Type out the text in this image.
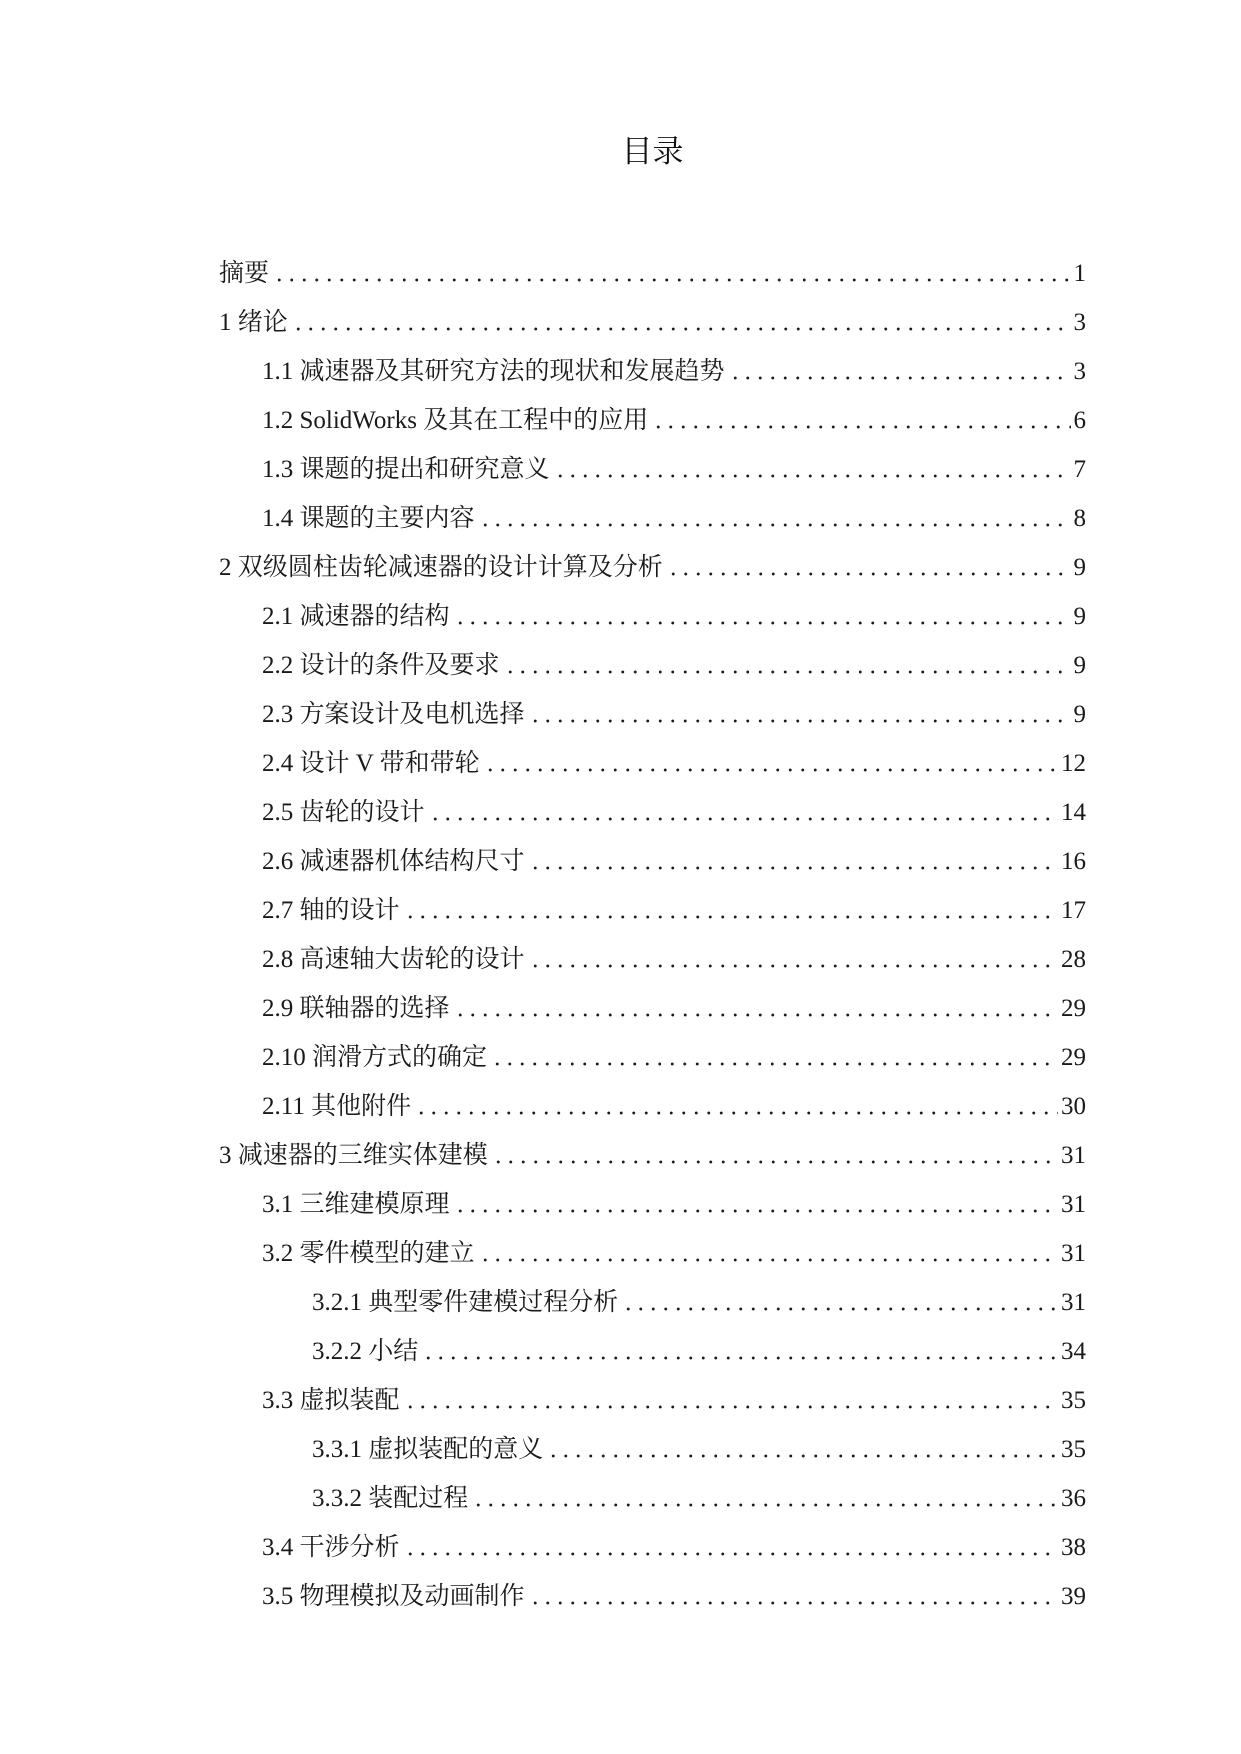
目录
摘要	1
1 绪论	3
1.1 减速器及其研究方法的现状和发展趋势	3
1.2 SolidWorks 及其在工程中的应用	6
1.3 课题的提出和研究意义	7
1.4 课题的主要内容	8
2 双级圆柱齿轮减速器的设计计算及分析	9
2.1 减速器的结构	9
2.2 设计的条件及要求	9
2.3 方案设计及电机选择	9
2.4 设计 V 带和带轮	12
2.5 齿轮的设计	14
2.6 减速器机体结构尺寸	16
2.7 轴的设计	17
2.8 高速轴大齿轮的设计	28
2.9 联轴器的选择	29
2.10 润滑方式的确定	29
2.11 其他附件	30
3 减速器的三维实体建模	31
3.1 三维建模原理	31
3.2 零件模型的建立	31
3.2.1 典型零件建模过程分析	31
3.2.2 小结	34
3.3 虚拟装配	35
3.3.1 虚拟装配的意义	35
3.3.2 装配过程	36
3.4 干涉分析	38
3.5 物理模拟及动画制作	39
